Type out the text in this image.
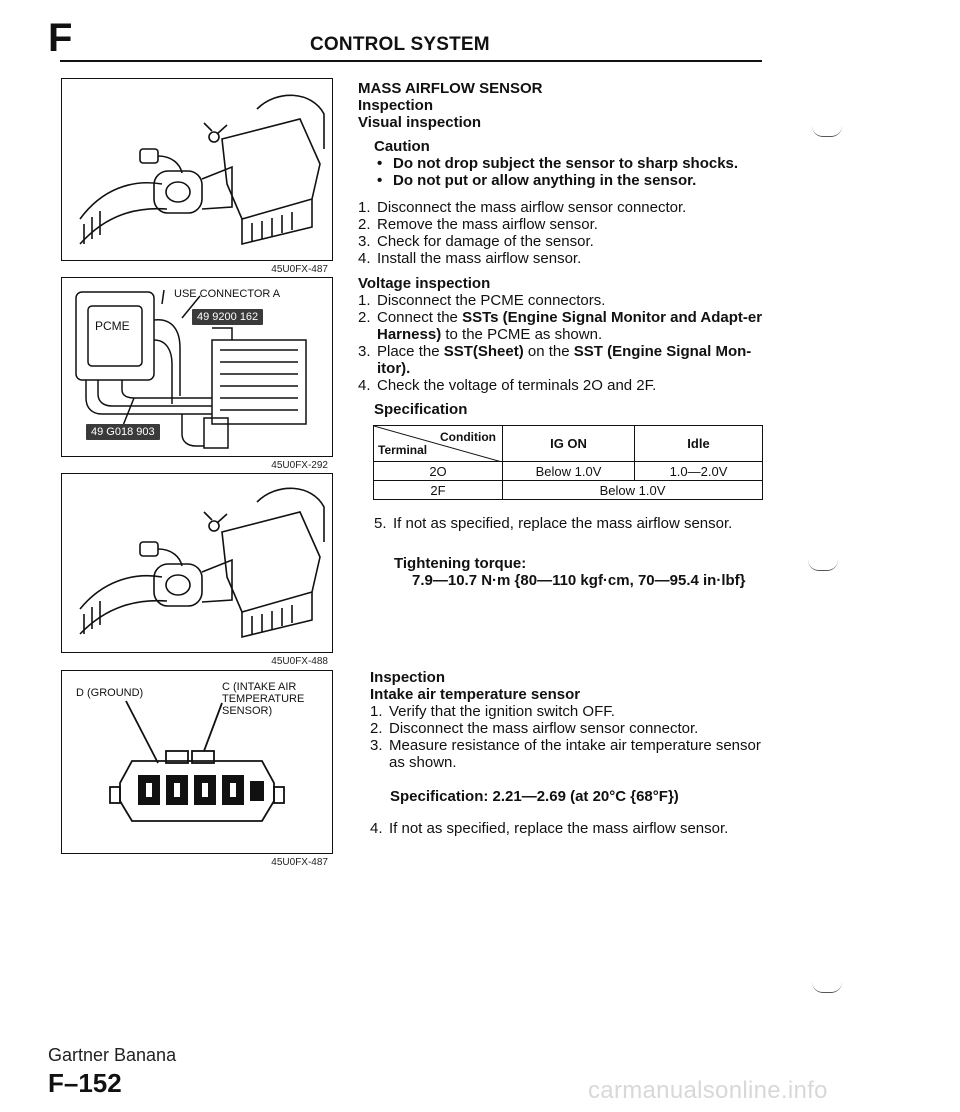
F	CONTROL SYSTEM
45U0FX-487
USE CONNECTOR A
49 9200 162
PCME
49 G018 903
45U0FX-292
45U0FX-488
D (GROUND)	C (INTAKE AIR
TEMPERATURE
SENSOR)
45U0FX-487
MASS AIRFLOW SENSOR
Inspection
Visual inspection
Caution
• Do not drop subject the sensor to sharp shocks.
• Do not put or allow anything in the sensor.
1. Disconnect the mass airflow sensor connector.
2. Remove the mass airflow sensor.
3. Check for damage of the sensor.
4. Install the mass airflow sensor.
Voltage inspection
1. Disconnect the PCME connectors.
2. Connect the SSTs (Engine Signal Monitor and Adapt-er Harness) to the PCME as shown.
3. Place the SST(Sheet) on the SST (Engine Signal Mon-itor).
4. Check the voltage of terminals 2O and 2F.
Specification
Condition
Terminal	IG ON	Idle
2O	Below 1.0V	1.0—2.0V
2F	Below 1.0V	
5. If not as specified, replace the mass airflow sensor.
Tightening torque:
7.9—10.7 N·m {80—110 kgf·cm, 70—95.4 in·lbf}
Inspection
Intake air temperature sensor
1. Verify that the ignition switch OFF.
2. Disconnect the mass airflow sensor connector.
3. Measure resistance of the intake air temperature sensor as shown.
Specification: 2.21—2.69 (at 20°C {68°F})
4. If not as specified, replace the mass airflow sensor.
Gartner Banana
F–152	carmanualsonline.info
